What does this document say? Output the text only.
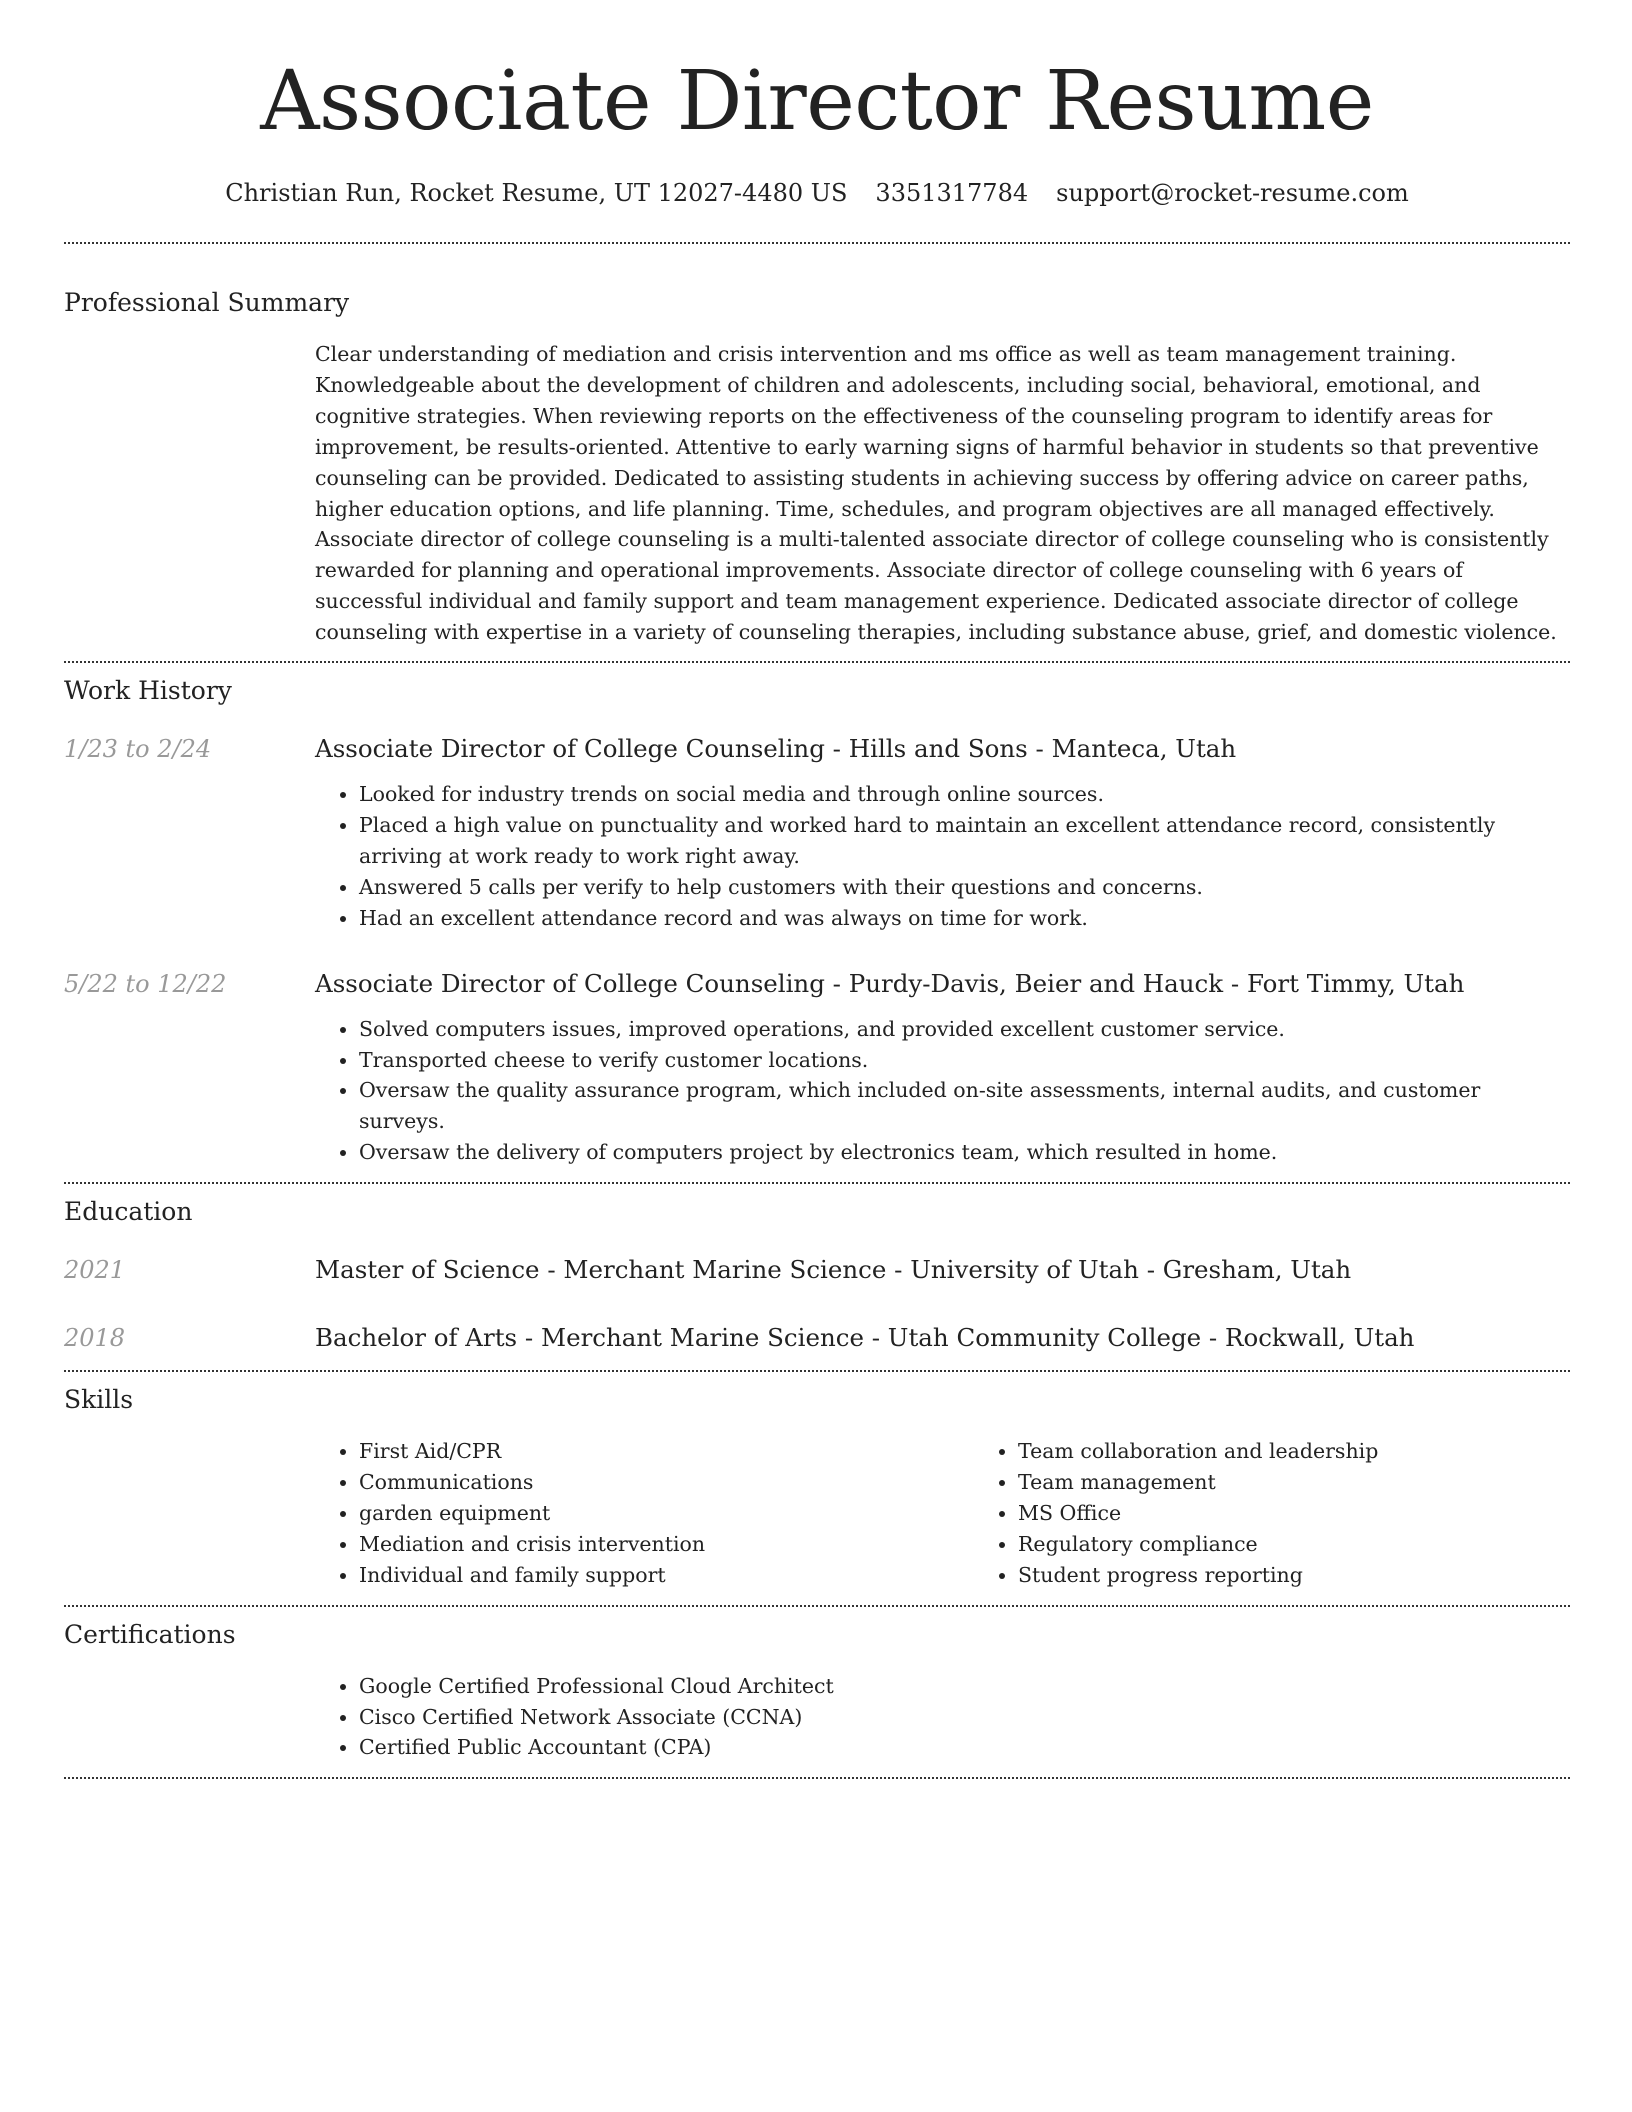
Associate Director Resume
Christian Run, Rocket Resume, UT 12027-4480 US 3351317784 support@rocket-resume.com
Professional Summary

Clear understanding of mediation and crisis intervention and ms office as well as team management training. Knowledgeable about the development of children and adolescents, including social, behavioral, emotional, and cognitive strategies. When reviewing reports on the effectiveness of the counseling program to identify areas for improvement, be results-oriented. Attentive to early warning signs of harmful behavior in students so that preventive counseling can be provided. Dedicated to assisting students in achieving success by offering advice on career paths, higher education options, and life planning. Time, schedules, and program objectives are all managed effectively. Associate director of college counseling is a multi-talented associate director of college counseling who is consistently rewarded for planning and operational improvements. Associate director of college counseling with 6 years of successful individual and family support and team management experience. Dedicated associate director of college counseling with expertise in a variety of counseling therapies, including substance abuse, grief, and domestic violence.

Work History
1/23 to 2/24	Associate Director of College Counseling - Hills and Sons - Manteca, Utah
• Looked for industry trends on social media and through online sources.
• Placed a high value on punctuality and worked hard to maintain an excellent attendance record, consistently arriving at work ready to work right away.
• Answered 5 calls per verify to help customers with their questions and concerns.
• Had an excellent attendance record and was always on time for work.
5/22 to 12/22	Associate Director of College Counseling - Purdy-Davis, Beier and Hauck - Fort Timmy, Utah
• Solved computers issues, improved operations, and provided excellent customer service.
• Transported cheese to verify customer locations.
• Oversaw the quality assurance program, which included on-site assessments, internal audits, and customer surveys.
• Oversaw the delivery of computers project by electronics team, which resulted in home.
Education
2021	Master of Science - Merchant Marine Science - University of Utah - Gresham, Utah
2018	Bachelor of Arts - Merchant Marine Science - Utah Community College - Rockwall, Utah
Skills
• First Aid/CPR
• Communications
• garden equipment
• Mediation and crisis intervention
• Individual and family support
• Team collaboration and leadership
• Team management
• MS Office
• Regulatory compliance
• Student progress reporting
Certifications
• Google Certified Professional Cloud Architect
• Cisco Certified Network Associate (CCNA)
• Certified Public Accountant (CPA)
